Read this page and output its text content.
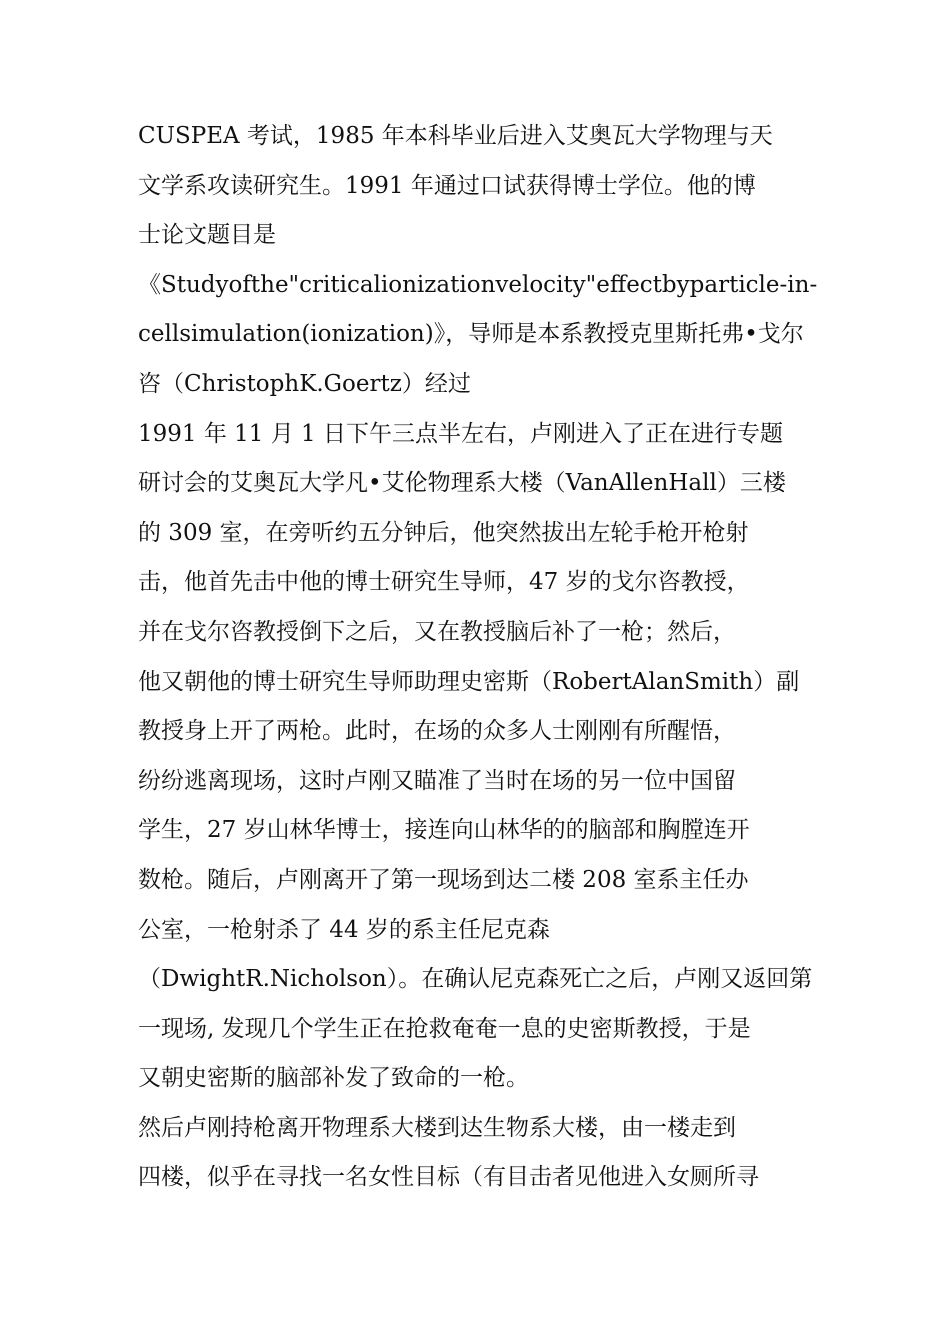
CUSPEA 考试，1985 年本科毕业后进入艾奥瓦大学物理与天
文学系攻读研究生。1991 年通过口试获得博士学位。他的博
士论文题目是
《Studyofthe"criticalionizationvelocity"effectbyparticle-in-
cellsimulation(ionization)》，导师是本系教授克里斯托弗•戈尔
咨（ChristophK.Goertz）经过
1991 年 11 月 1 日下午三点半左右，卢刚进入了正在进行专题
研讨会的艾奥瓦大学凡•艾伦物理系大楼（VanAllenHall）三楼
的 309 室，在旁听约五分钟后，他突然拔出左轮手枪开枪射
击，他首先击中他的博士研究生导师，47 岁的戈尔咨教授，
并在戈尔咨教授倒下之后，又在教授脑后补了一枪；然后，
他又朝他的博士研究生导师助理史密斯（RobertAlanSmith）副
教授身上开了两枪。此时，在场的众多人士刚刚有所醒悟，
纷纷逃离现场，这时卢刚又瞄准了当时在场的另一位中国留
学生，27 岁山林华博士，接连向山林华的的脑部和胸膛连开
数枪。随后，卢刚离开了第一现场到达二楼 208 室系主任办
公室，一枪射杀了 44 岁的系主任尼克森
（DwightR.Nicholson）。在确认尼克森死亡之后，卢刚又返回第
一现场, 发现几个学生正在抢救奄奄一息的史密斯教授，于是
又朝史密斯的脑部补发了致命的一枪。
然后卢刚持枪离开物理系大楼到达生物系大楼，由一楼走到
四楼，似乎在寻找一名女性目标（有目击者见他进入女厕所寻
